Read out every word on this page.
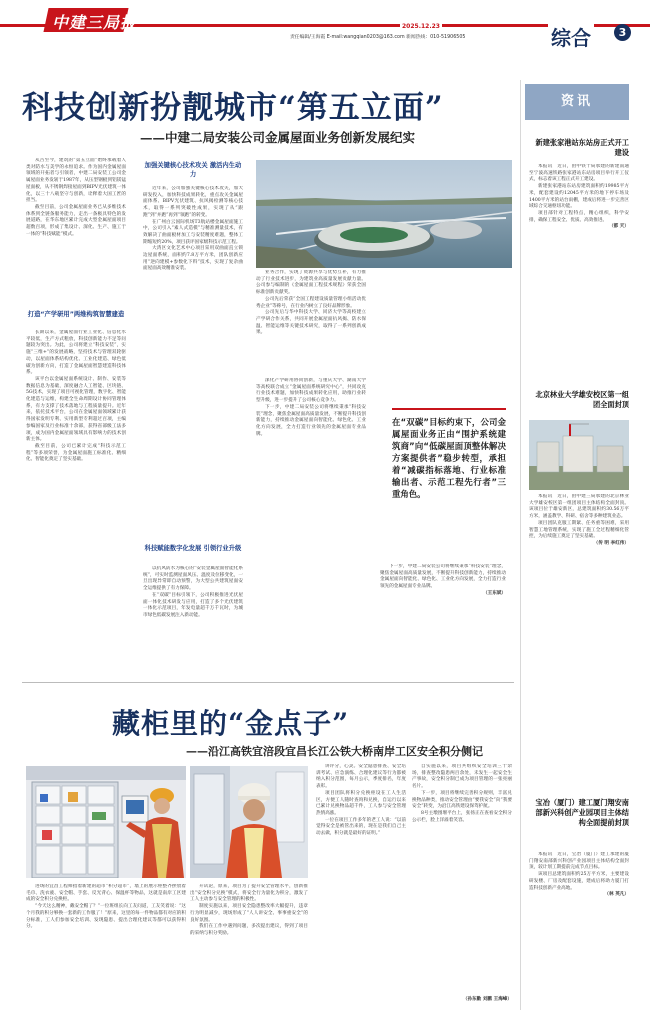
中建三局报	2025.12.23
责任编辑/王海霞 E-mail:wangqian0203@163.com 新闻热线：010-51906505	综合	3
科技创新扮靓城市“第五立面”
——中建二局安装公司金属屋面业务创新发展纪实

从古至今，建筑的“第五立面”始终承载着人类对防水与美学的永恒追求。作为国内金属屋面领域的开拓者与引领者，中建二局安装工公司金属屋面业务发轫于1987年，从压型钢板到铝镁锰屋面板，从不锈钢焊接屋面到BIPV光伏建筑一体化，以三十八载坚守与创新，诠释着大国工匠的担当。

截至目前，公司金属屋面业务已从多维技术体系到全链条服务能力，走出一条极具特色的发展道路，在华东地区累计完成大型金属屋面项目超数百项，形成了集设计、深化、生产、施工于一体的“科技赋能”模式。

打造“产学研用”两维构筑智慧建造

长期以来，金属屋面行业工业化、信息化水平较低，生产方式粗放，科技创新能力不足等问题较为突出。为此，公司将建立“科技安装”，实施“三维+”的发展战略，坚持技术与管理双轮驱动，以屋面体系结构优化、工业化建造、绿色低碳为创新方向，打造了金属屋面智慧建造科技体系。

该平台以金属屋面系统设计、制作、安装等数据信息为基础，深度融合人工智能、区块链、5G技术，实现了项目可视化管理，数字化、智能化建造与运维，构建全生命周期设计协同管理体系，有力支撑了技术落地与工程质量提升。近年来，依托技术平台，公司在金属屋面领域累计获得国家发明专利、实用新型专利超过百项，主编参编国家及行业标准十余部，获得省部级工法多项，成为国内金属屋面领域具有影响力的技术创新主体。

截至目前，公司已累计完成“科技示范工程”等多项荣誉，为金属屋面施工标准化、精细化、智能化奠定了坚实基础。

加强关键核心技术攻关 激活内生动力

近年来，公司加强关键核心技术攻关，加大研发投入，加快科技成果转化，重点攻关金属屋面体系、BIPV光伏建筑、抗风揭检测等核心技术，取得一系列突破性成果，实现了从“跟跑”到“并跑”再到“领跑”的转变。

在广州白云国际机场T3航站楼金属屋面施工中，公司引入“素人式造模”与精准测量技术，有效解决了曲面板材加工与安装精度难题，整体工期缩短约20%，项目获评国家级科技示范工程。

大湾区文化艺术中心项目采用双曲面直立锁边屋面系统，面积约7.8万平方米，团队创新应用“逆向建模+参数化下料”技术，实现了复杂曲面屋面高效精准安装。

科技赋能数字化发展 引领行业升级

以抗风防水为核心的“安装金属屋面智能化系统”，可实时监测屋面风压、温度及位移变化，一旦出现异常即自动预警，为大型公共建筑屋面安全运维提供了有力保障。

在“双碳”目标引领下，公司积极推进光伏屋面一体化技术研发与应用，打造了多个光伏建筑一体化示范项目，年发电量超千万千瓦时，为城市绿色低碳发展注入新动能。

业务合作，实现了资源共享与优势互补，有力推动了行业技术进步，为建筑业高质量发展贡献力量。公司参与编制的《金属屋面工程技术规程》荣获全国标准创新贡献奖。

公司先后荣获“全国工程建设质量管理小组活动优秀企业”等称号，在行业内树立了良好品牌形象。

公司先后与华中科技大学、同济大学等高校建立产学研合作关系，共同开展金属屋面抗风揭、防水保温、智能运维等关键技术研究，取得了一系列创新成果。

深化产学研用协同创新，与重庆大学、湖南大学等高校联合成立“金属屋面系统研究中心”，共同攻克行业技术难题，加快科技成果转化应用，助推行业转型升级，进一步提升了公司核心竞争力。

下一步，中建二局安装公司将继续秉承“科技安装”理念，聚焦金属屋面高质量发展，不断提升科技创新能力，持续推动金属屋面向智能化、绿色化、工业化方向发展，全力打造行业领先的金属屋面专业品牌。

在“双碳”目标约束下，公司金属屋面业务正由“围护系统建筑商”向“低碳屋面顶整体解决方案提供者”稳步转型，承担着“减碳指标落地、行业标准输出者、示范工程先行者”三重角色。

下一步，中建二局安装公司将继续秉承“科技安装”理念，聚焦金属屋面高质量发展，不断提升科技创新能力，持续推动金属屋面向智能化、绿色化、工业化方向发展，全力打造行业领先的金属屋面专业品牌。

（王东斌）

藏柜里的“金点子”
——沿江高铁宜涪段宜昌长江公铁大桥南岸工区安全积分侧记

进场的宜昌工程师指着新建的超市“积分超市”，墙上的展示柜整齐摆放着毛巾、洗衣液、安全帽、手套、反光背心、保温杯等物品，这就是南岸工区建成的安全积分兑换柜。

“今天这么精神，戴安全帽了？”一位班组长向工友问道，工友笑着说：“这个月我的积分够换一套新的工作服了！”原来，这里的每一件物品都有对应的积分标准，工人们参加安全培训、发现隐患、提出合理化建议等都可以获得积分。

开试论，原来，项目为了提升安全管理水平，创新推出“安全积分兑换”模式，将安全行为量化为积分，激发了工人主动参与安全管理的积极性。

制度实施以来，项目安全隐患整改率大幅提升，违章行为明显减少，现场形成了“人人讲安全、事事重安全”的良好氛围。

我们在工作中遇到问题，多次提出建议，得到了项目的采纳与积分奖励。

讲评分，心灵。安全隐患排查、安全培训考试、应急演练、合理化建议等行为都被纳入积分范围，每月公示，季度排名，年度表彰。

项目团队将积分兑换柜设在工人生活区，方便工人随时查询和兑换，自运行以来已累计兑换物品超千件，工人参与安全管理热情高涨。

一位在项目工作多年的老工人说：“以前觉得安全是被管出来的，现在是我们自己主动去做，积分就是最好的证明。”

自实施以来，项目共组织安全培训三十余场，排查整改隐患两百余处，未发生一起安全生产事故，安全积分制已成为项目管理的一张亮丽名片。

下一步，项目将继续完善积分规则，丰富兑换物品种类，推动安全管理由“要我安全”向“我要安全”转变，为沿江高铁建设保驾护航。

8号主墩围堰平台上，张扬正在查看安全积分公示栏，脸上洋溢着笑容。

（孙东勤 刘鹏 王海峰）
资讯
新建张家港站东站房正式开工建设

本报讯　近日，由中铁十局承建的新建南通至宁波高速铁路张家港站东站房项目举行开工仪式，标志着该工程正式开工建设。

新建张家港站东站房建筑面积约19985平方米，配套建设约12045平方米的地下停车场及1400平方米的站台雨棚，建成后将进一步完善区域综合交通枢纽功能。

项目部针对工程特点，精心组织，科学安排，确保工程安全、优质、高效推进。

（都 天）

北京林业大学雄安校区第一组团全面封顶

本报讯　近日，由中建三局承建的北京林业大学雄安校区第一组团项目主体结构全面封顶。该项目位于雄安新区，总建筑面积约30.56万平方米，涵盖教学、科研、宿舍等多种建筑业态。

项目团队克服工期紧、任务重等困难，采用智慧工地管理系统，实现了施工全过程精细化管控，为后续施工奠定了坚实基础。

（传 明 李红伟）

宝冶（厦门）建工厦门翔安南部新兴科创产业园项目主体结构全面提前封顶

本报讯　近日，宝冶（厦门）建工承建的厦门翔安南部新兴科创产业园项目主体结构全面封顶，较计划工期提前完成节点目标。

该项目总建筑面积约25万平方米，主要建设研发楼、厂房及配套设施，建成后将助力厦门打造科技创新产业高地。

（林 英凡）
